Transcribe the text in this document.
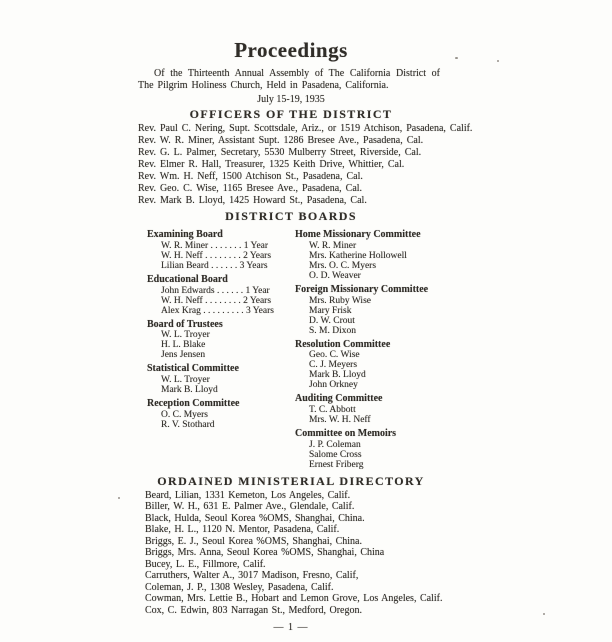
Proceedings

Of the Thirteenth Annual Assembly of The California District of The Pilgrim Holiness Church, Held in Pasadena, California.

July 15-19, 1935
OFFICERS OF THE DISTRICT
Rev. Paul C. Nering, Supt. Scottsdale, Ariz., or 1519 Atchison, Pasadena, Calif.
Rev. W. R. Miner, Assistant Supt. 1286 Bresee Ave., Pasadena, Cal.
Rev. G. L. Palmer, Secretary, 5530 Mulberry Street, Riverside, Cal.
Rev. Elmer R. Hall, Treasurer, 1325 Keith Drive, Whittier, Cal.
Rev. Wm. H. Neff, 1500 Atchison St., Pasadena, Cal.
Rev. Geo. C. Wise, 1165 Bresee Ave., Pasadena, Cal.
Rev. Mark B. Lloyd, 1425 Howard St., Pasadena, Cal.
DISTRICT BOARDS
Examining Board
W. R. Miner . . . . . . . 1 Year
W. H. Neff . . . . . . . . 2 Years
Lilian Beard . . . . . . 3 Years
Educational Board
John Edwards . . . . . . 1 Year
W. H. Neff . . . . . . . . 2 Years
Alex Krag . . . . . . . . . 3 Years
Board of Trustees
W. L. Troyer
H. L. Blake
Jens Jensen
Statistical Committee
W. L. Troyer
Mark B. Lloyd
Reception Committee
O. C. Myers
R. V. Stothard
Home Missionary Committee
W. R. Miner
Mrs. Katherine Hollowell
Mrs. O. C. Myers
O. D. Weaver
Foreign Missionary Committee
Mrs. Ruby Wise
Mary Frisk
D. W. Crout
S. M. Dixon
Resolution Committee
Geo. C. Wise
C. J. Meyers
Mark B. Lloyd
John Orkney
Auditing Committee
T. C. Abbott
Mrs. W. H. Neff
Committee on Memoirs
J. P. Coleman
Salome Cross
Ernest Friberg
ORDAINED MINISTERIAL DIRECTORY
Beard, Lilian, 1331 Kemeton, Los Angeles, Calif.
Biller, W. H., 631 E. Palmer Ave., Glendale, Calif.
Black, Hulda, Seoul Korea %OMS, Shanghai, China.
Blake, H. L., 1120 N. Mentor, Pasadena, Calif.
Briggs, E. J., Seoul Korea %OMS, Shanghai, China.
Briggs, Mrs. Anna, Seoul Korea %OMS, Shanghai, China
Bucey, L. E., Fillmore, Calif.
Carruthers, Walter A., 3017 Madison, Fresno, Calif,
Coleman, J. P., 1308 Wesley, Pasadena, Calif.
Cowman, Mrs. Lettie B., Hobart and Lemon Grove, Los Angeles, Calif.
Cox, C. Edwin, 803 Narragan St., Medford, Oregon.
— 1 —
